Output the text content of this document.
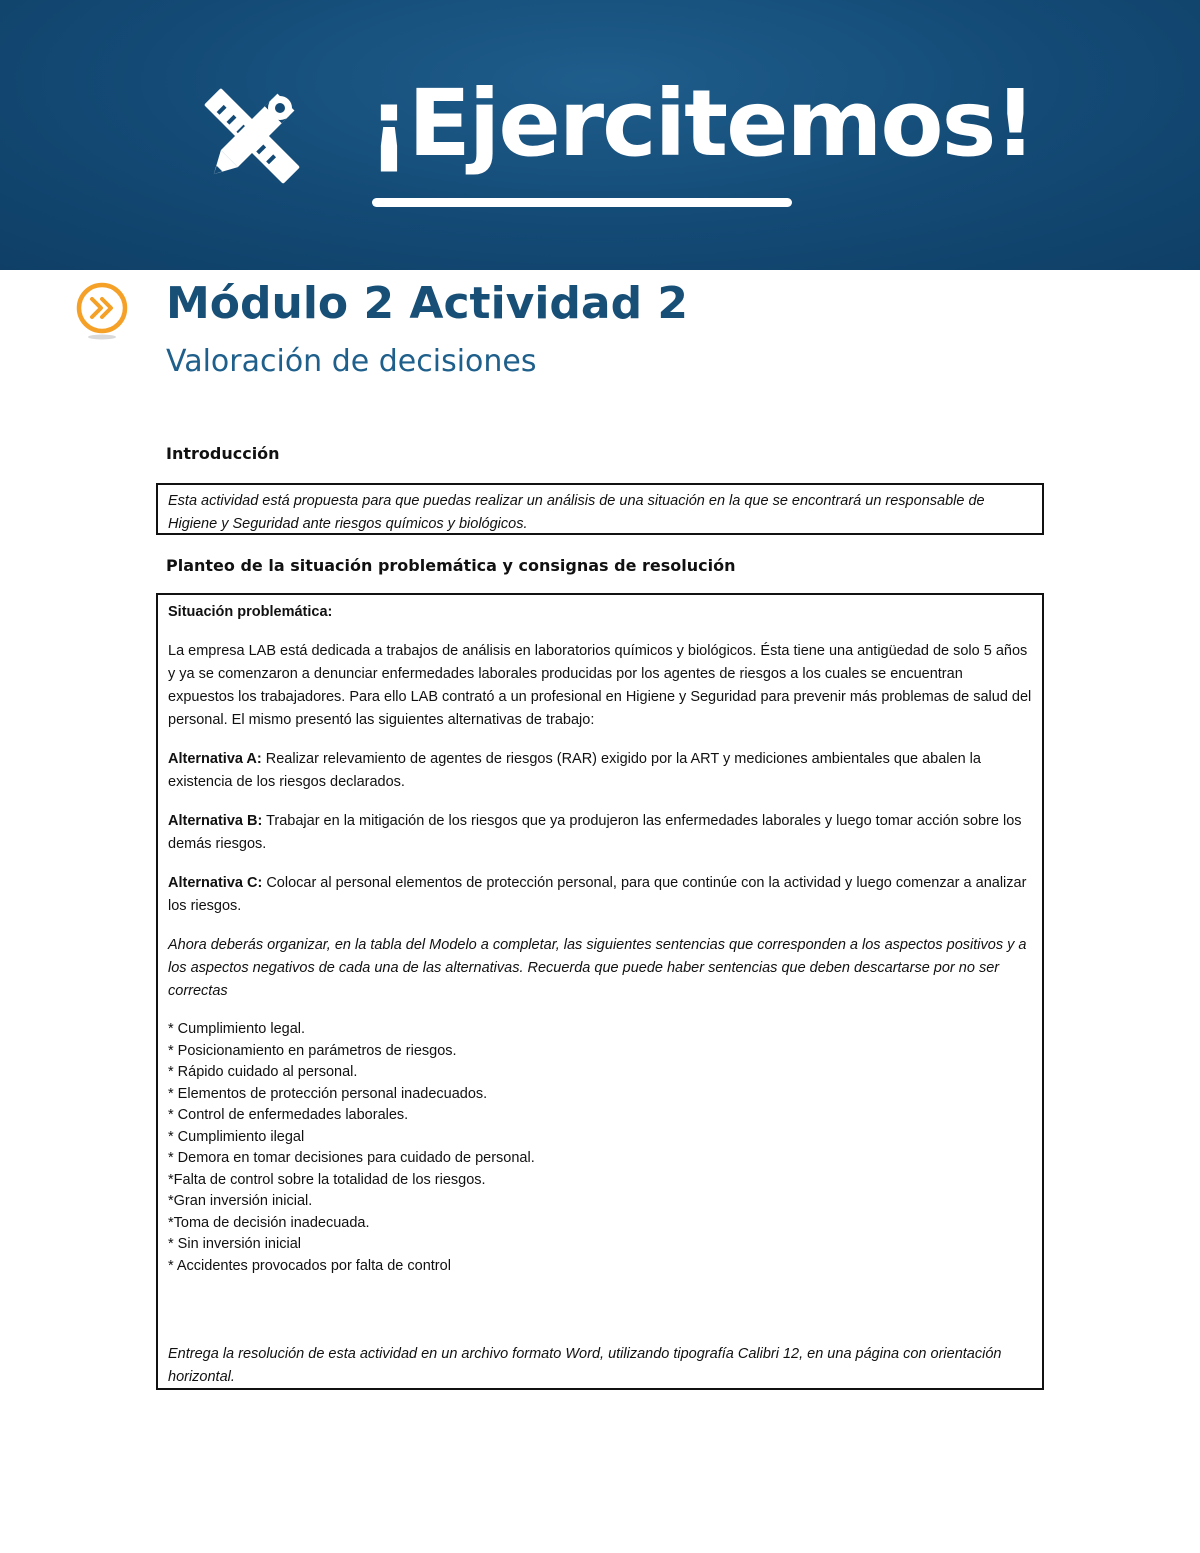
¡Ejercitemos!
Módulo 2 Actividad 2
Valoración de decisiones
Introducción
Esta actividad está propuesta para que puedas realizar un análisis de una situación en la que se encontrará un responsable de Higiene y Seguridad ante riesgos químicos y biológicos.
Planteo de la situación problemática y consignas de resolución

Situación problemática:

La empresa LAB está dedicada a trabajos de análisis en laboratorios químicos y biológicos. Ésta tiene una antigüedad de solo 5 años y ya se comenzaron a denunciar enfermedades laborales producidas por los agentes de riesgos a los cuales se encuentran expuestos los trabajadores. Para ello LAB contrató a un profesional en Higiene y Seguridad para prevenir más problemas de salud del personal. El mismo presentó las siguientes alternativas de trabajo:

Alternativa A: Realizar relevamiento de agentes de riesgos (RAR) exigido por la ART y mediciones ambientales que abalen la existencia de los riesgos declarados.

Alternativa B: Trabajar en la mitigación de los riesgos que ya produjeron las enfermedades laborales y luego tomar acción sobre los demás riesgos.

Alternativa C: Colocar al personal elementos de protección personal, para que continúe con la actividad y luego comenzar a analizar los riesgos.

Ahora deberás organizar, en la tabla del Modelo a completar, las siguientes sentencias que corresponden a los aspectos positivos y a los aspectos negativos de cada una de las alternativas. Recuerda que puede haber sentencias que deben descartarse por no ser correctas

* Cumplimiento legal.
* Posicionamiento en parámetros de riesgos.
* Rápido cuidado al personal.
* Elementos de protección personal inadecuados.
* Control de enfermedades laborales.
* Cumplimiento ilegal
* Demora en tomar decisiones para cuidado de personal.
*Falta de control sobre la totalidad de los riesgos.
*Gran inversión inicial.
*Toma de decisión inadecuada.
* Sin inversión inicial
* Accidentes provocados por falta de control

Entrega la resolución de esta actividad en un archivo formato Word, utilizando tipografía Calibri 12, en una página con orientación horizontal.
